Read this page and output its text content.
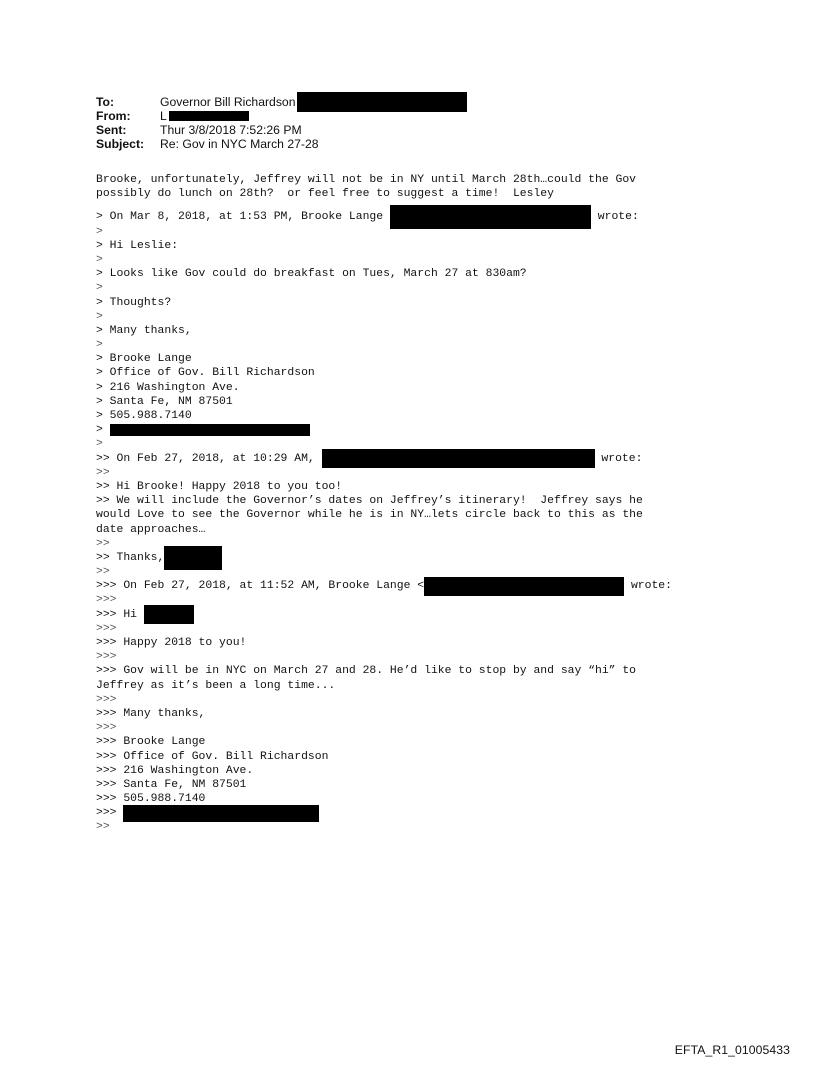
To:	Governor Bill Richardson
From:	L
Sent:	Thur 3/8/2018 7:52:26 PM
Subject:	Re: Gov in NYC March 27-28
Brooke, unfortunately, Jeffrey will not be in NY until March 28th…could the Gov
possibly do lunch on 28th?  or feel free to suggest a time!  Lesley
> On Mar 8, 2018, at 1:53 PM, Brooke Lange	wrote:
>
> Hi Leslie:
>
> Looks like Gov could do breakfast on Tues, March 27 at 830am?
>
> Thoughts?
>
> Many thanks,
>
> Brooke Lange
> Office of Gov. Bill Richardson
> 216 Washington Ave.
> Santa Fe, NM 87501
> 505.988.7140
>
>
>> On Feb 27, 2018, at 10:29 AM,	wrote:
>>
>> Hi Brooke! Happy 2018 to you too!
>> We will include the Governor’s dates on Jeffrey’s itinerary!  Jeffrey says he
would Love to see the Governor while he is in NY…lets circle back to this as the
date approaches…
>>
>> Thanks,
>>
>>> On Feb 27, 2018, at 11:52 AM, Brooke Lange <	wrote:
>>>
>>> Hi
>>>
>>> Happy 2018 to you!
>>>
>>> Gov will be in NYC on March 27 and 28. He’d like to stop by and say “hi” to
Jeffrey as it’s been a long time...
>>>
>>> Many thanks,
>>>
>>> Brooke Lange
>>> Office of Gov. Bill Richardson
>>> 216 Washington Ave.
>>> Santa Fe, NM 87501
>>> 505.988.7140
>>>
>>
EFTA_R1_01005433
